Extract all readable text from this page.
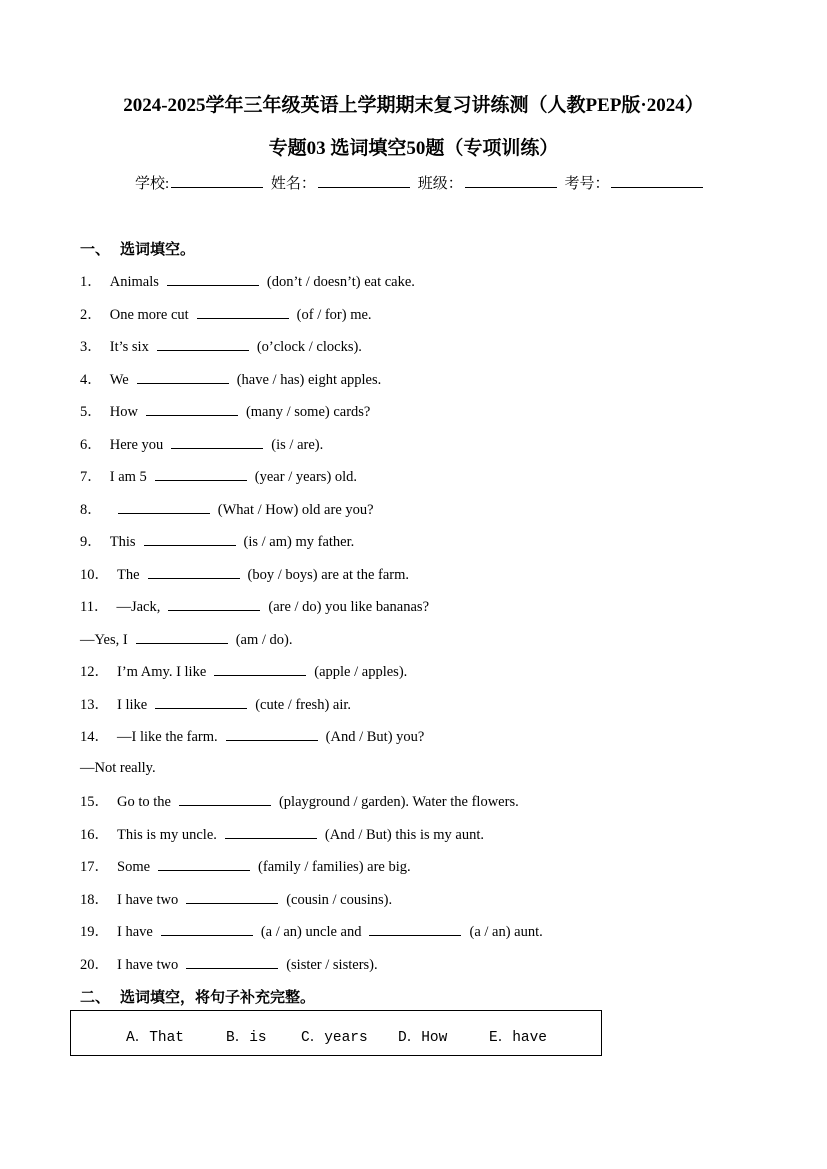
2024-2025学年三年级英语上学期期末复习讲练测（人教PEP版·2024）
专题03 选词填空50题（专项训练）
学校:	姓名：	班级：	考号：
一、 选词填空。
1． Animals	(don’t / doesn’t) eat cake.
2． One more cut	(of / for) me.
3． It’s six	(o’clock / clocks).
4． We	(have / has) eight apples.
5． How	(many / some) cards?
6． Here you	(is / are).
7． I am 5	(year / years) old.
8．	(What / How) old are you?
9． This	(is / am) my father.
10． The	(boy / boys) are at the farm.
11． —Jack,	(are / do) you like bananas?
—Yes, I	(am / do).
12． I’m Amy. I like	(apple / apples).
13． I like	(cute / fresh) air.
14． —I like the farm.	(And / But) you?
—Not really.
15． Go to the	(playground / garden). Water the flowers.
16． This is my uncle.	(And / But) this is my aunt.
17． Some	(family / families) are big.
18． I have two	(cousin / cousins).
19． I have	(a / an) uncle and	(a / an) aunt.
20． I have two	(sister / sisters).
二、 选词填空，将句子补充完整。
A．That	B．is C．years D．How	E．have
